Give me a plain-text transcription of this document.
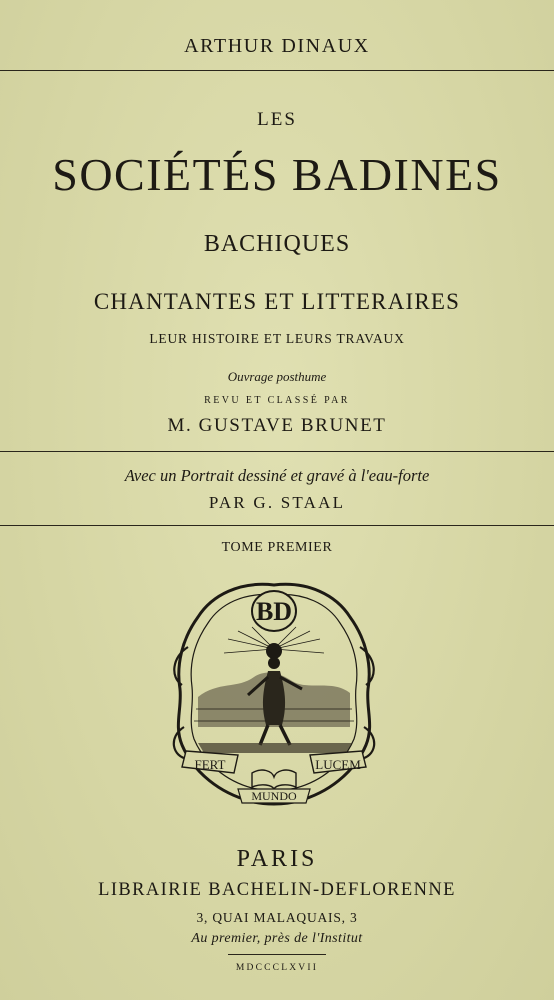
ARTHUR DINAUX
LES
SOCIÉTÉS BADINES
BACHIQUES
CHANTANTES ET LITTERAIRES
LEUR HISTOIRE ET LEURS TRAVAUX
Ouvrage posthume
REVU ET CLASSÉ PAR
M. GUSTAVE BRUNET
Avec un Portrait dessiné et gravé à l'eau-forte
PAR G. STAAL
TOME PREMIER
BD
FERT	LUCEM
MUNDO
PARIS
LIBRAIRIE BACHELIN-DEFLORENNE
3, QUAI MALAQUAIS, 3
Au premier, près de l'Institut
MDCCCLXVII
